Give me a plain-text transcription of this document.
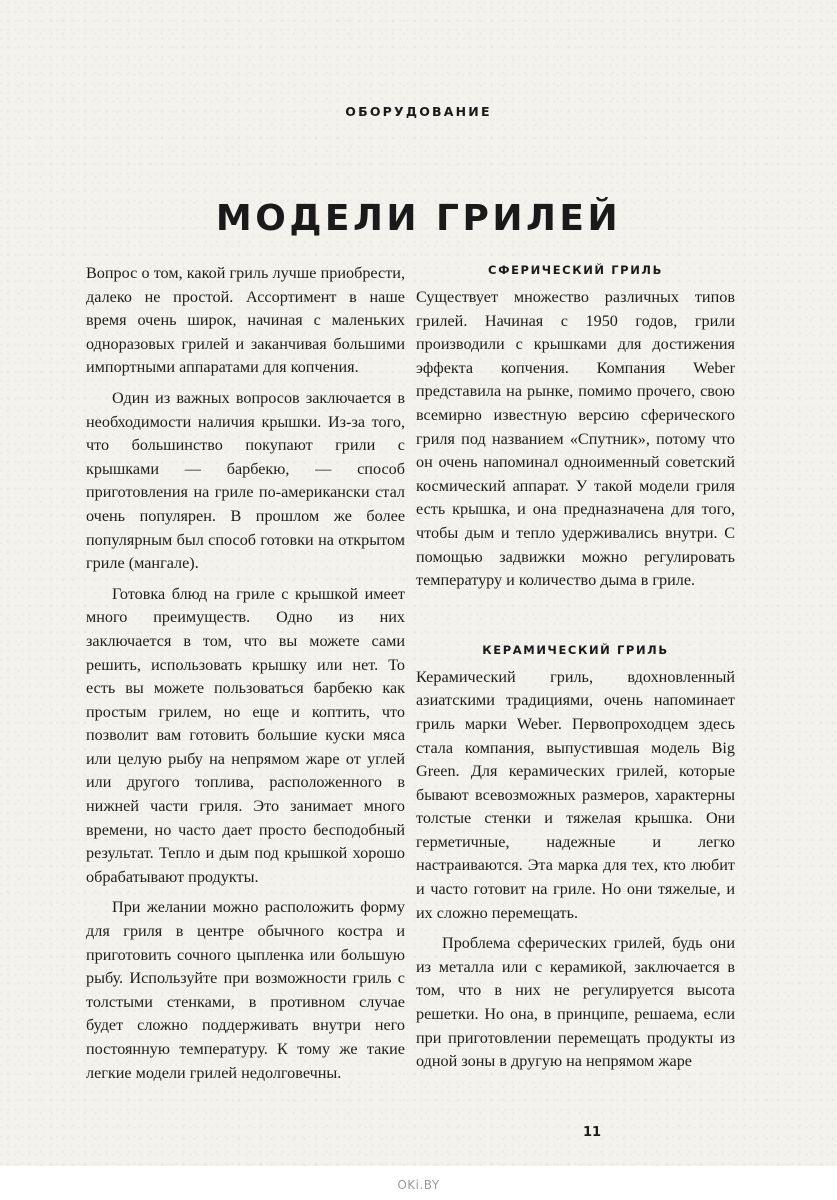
ОБОРУДОВАНИЕ
МОДЕЛИ ГРИЛЕЙ

Вопрос о том, какой гриль лучше приобрести, далеко не простой. Ассортимент в наше время очень широк, начиная с маленьких одноразовых грилей и заканчивая большими импортными аппаратами для копчения.

Один из важных вопросов заключается в необходимости наличия крышки. Из-за того, что большинство покупают грили с крышками — барбекю, — способ приготовления на гриле по-американски стал очень популярен. В прошлом же более популярным был способ готовки на открытом гриле (мангале).

Готовка блюд на гриле с крышкой имеет много преимуществ. Одно из них заключается в том, что вы можете сами решить, использовать крышку или нет. То есть вы можете пользоваться барбекю как простым грилем, но еще и коптить, что позволит вам готовить большие куски мяса или целую рыбу на непрямом жаре от углей или другого топлива, расположенного в нижней части гриля. Это занимает много времени, но часто дает просто бесподобный результат. Тепло и дым под крышкой хорошо обрабатывают продукты.

При желании можно расположить форму для гриля в центре обычного костра и приготовить сочного цыпленка или большую рыбу. Используйте при возможности гриль с толстыми стенками, в противном случае будет сложно поддерживать внутри него постоянную температуру. К тому же такие легкие модели грилей недолговечны.

СФЕРИЧЕСКИЙ ГРИЛЬ

Существует множество различных типов грилей. Начиная с 1950 годов, грили производили с крышками для достижения эффекта копчения. Компания Weber представила на рынке, помимо прочего, свою всемирно известную версию сферического гриля под названием «Спутник», потому что он очень напоминал одноименный советский космический аппарат. У такой модели гриля есть крышка, и она предназначена для того, чтобы дым и тепло удерживались внутри. С помощью задвижки можно регулировать температуру и количество дыма в гриле.

КЕРАМИЧЕСКИЙ ГРИЛЬ

Керамический гриль, вдохновленный азиатскими традициями, очень напоминает гриль марки Weber. Первопроходцем здесь стала компания, выпустившая модель Big Green. Для керамических грилей, которые бывают всевозможных размеров, характерны толстые стенки и тяжелая крышка. Они герметичные, надежные и легко настраиваются. Эта марка для тех, кто любит и часто готовит на гриле. Но они тяжелые, и их сложно перемещать.

Проблема сферических грилей, будь они из металла или с керамикой, заключается в том, что в них не регулируется высота решетки. Но она, в принципе, решаема, если при приготовлении перемещать продукты из одной зоны в другую на непрямом жаре

11
OKi.BY
